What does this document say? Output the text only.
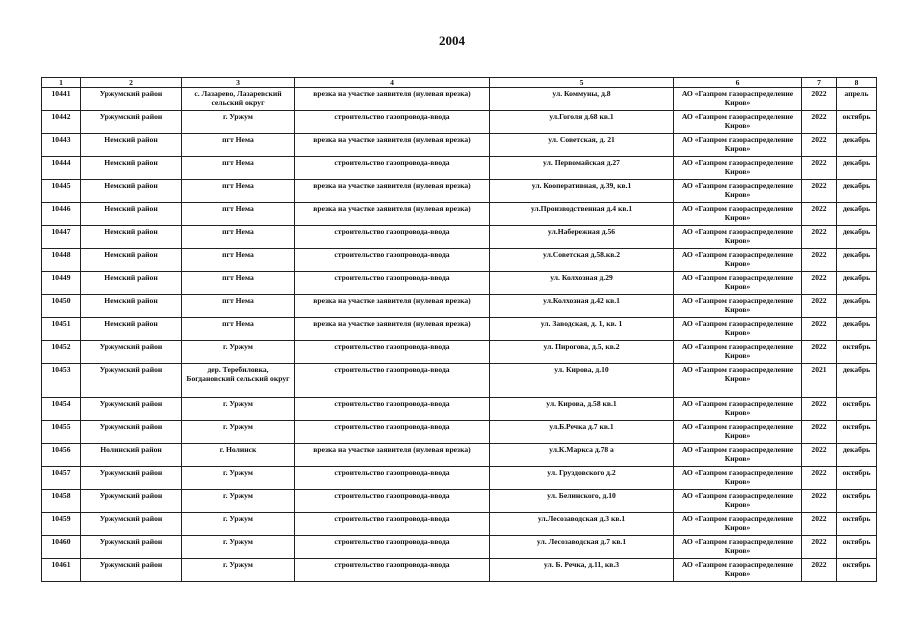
2004
1	2	3	4	5	6	7	8
10441	Уржумский район	с. Лазарево, Лазаревский сельский округ	врезка на участке заявителя (нулевая врезка)	ул. Коммуны, д.8	АО «Газпром газораспределение Киров»	2022	апрель
10442	Уржумский район	г. Уржум	строительство газопровода-ввода	ул.Гоголя д.68 кв.1	АО «Газпром газораспределение Киров»	2022	октябрь
10443	Немский район	пгт Нема	врезка на участке заявителя (нулевая врезка)	ул. Советская, д. 21	АО «Газпром газораспределение Киров»	2022	декабрь
10444	Немский район	пгт Нема	строительство газопровода-ввода	ул. Первомайская д.27	АО «Газпром газораспределение Киров»	2022	декабрь
10445	Немский район	пгт Нема	врезка на участке заявителя (нулевая врезка)	ул. Кооперативная, д.39, кв.1	АО «Газпром газораспределение Киров»	2022	декабрь
10446	Немский район	пгт Нема	врезка на участке заявителя (нулевая врезка)	ул.Производственная д.4 кв.1	АО «Газпром газораспределение Киров»	2022	декабрь
10447	Немский район	пгт Нема	строительство газопровода-ввода	ул.Набережная д.56	АО «Газпром газораспределение Киров»	2022	декабрь
10448	Немский район	пгт Нема	строительство газопровода-ввода	ул.Советская д.58.кв.2	АО «Газпром газораспределение Киров»	2022	декабрь
10449	Немский район	пгт Нема	строительство газопровода-ввода	ул. Колхозная д.29	АО «Газпром газораспределение Киров»	2022	декабрь
10450	Немский район	пгт Нема	врезка на участке заявителя (нулевая врезка)	ул.Колхозная д.42 кв.1	АО «Газпром газораспределение Киров»	2022	декабрь
10451	Немский район	пгт Нема	врезка на участке заявителя (нулевая врезка)	ул. Заводская, д. 1, кв. 1	АО «Газпром газораспределение Киров»	2022	декабрь
10452	Уржумский район	г. Уржум	строительство газопровода-ввода	ул. Пирогова, д.5, кв.2	АО «Газпром газораспределение Киров»	2022	октябрь
10453	Уржумский район	дер. Теребиловка, Богдановский сельский округ	строительство газопровода-ввода	ул. Кирова, д.10	АО «Газпром газораспределение Киров»	2021	декабрь
10454	Уржумский район	г. Уржум	строительство газопровода-ввода	ул. Кирова, д.58 кв.1	АО «Газпром газораспределение Киров»	2022	октябрь
10455	Уржумский район	г. Уржум	строительство газопровода-ввода	ул.Б.Речка д.7 кв.1	АО «Газпром газораспределение Киров»	2022	октябрь
10456	Нолинский район	г. Нолинск	врезка на участке заявителя (нулевая врезка)	ул.К.Маркса д.78 а	АО «Газпром газораспределение Киров»	2022	декабрь
10457	Уржумский район	г. Уржум	строительство газопровода-ввода	ул. Груздовского д.2	АО «Газпром газораспределение Киров»	2022	октябрь
10458	Уржумский район	г. Уржум	строительство газопровода-ввода	ул. Белинского, д.10	АО «Газпром газораспределение Киров»	2022	октябрь
10459	Уржумский район	г. Уржум	строительство газопровода-ввода	ул.Лесозаводская д.3 кв.1	АО «Газпром газораспределение Киров»	2022	октябрь
10460	Уржумский район	г. Уржум	строительство газопровода-ввода	ул. Лесозаводская д.7 кв.1	АО «Газпром газораспределение Киров»	2022	октябрь
10461	Уржумский район	г. Уржум	строительство газопровода-ввода	ул. Б. Речка, д.11, кв.3	АО «Газпром газораспределение Киров»	2022	октябрь
